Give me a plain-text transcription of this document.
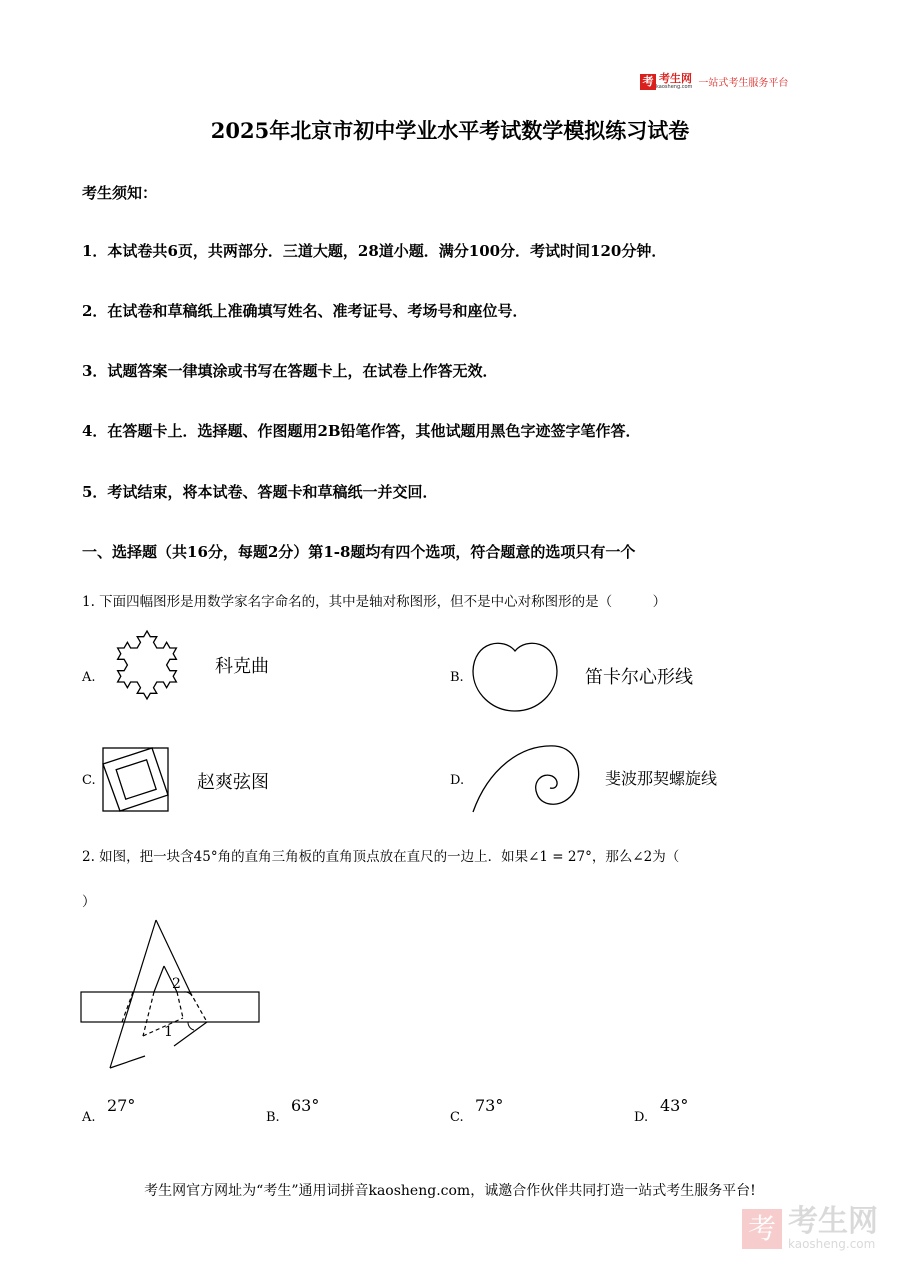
考 考生网
kaosheng.com 一站式考生服务平台
2025年北京市初中学业水平考试数学模拟练习试卷
考生须知：
1．本试卷共6页，共两部分．三道大题，28道小题．满分100分．考试时间120分钟．
2．在试卷和草稿纸上准确填写姓名、准考证号、考场号和座位号．
3．试题答案一律填涂或书写在答题卡上，在试卷上作答无效．
4．在答题卡上．选择题、作图题用2B铅笔作答，其他试题用黑色字迹签字笔作答．
5．考试结束，将本试卷、答题卡和草稿纸一并交回．
一、选择题（共16分，每题2分）第1-8题均有四个选项，符合题意的选项只有一个
1. 下面四幅图形是用数学家名字命名的，其中是轴对称图形，但不是中心对称图形的是（　　　）
A.
科克曲
B.	笛卡尔心形线
C.	赵爽弦图	D.	斐波那契螺旋线
2. 如图，把一块含45°角的直角三角板的直角顶点放在直尺的一边上．如果∠1 = 27°，那么∠2为（
）
2
1
A.
27°
B.
63°
C.
73°
D.
43°
考生网官方网址为“考生”通用词拼音kaosheng.com，诚邀合作伙伴共同打造一站式考生服务平台!
考 考生网
kaosheng.com
